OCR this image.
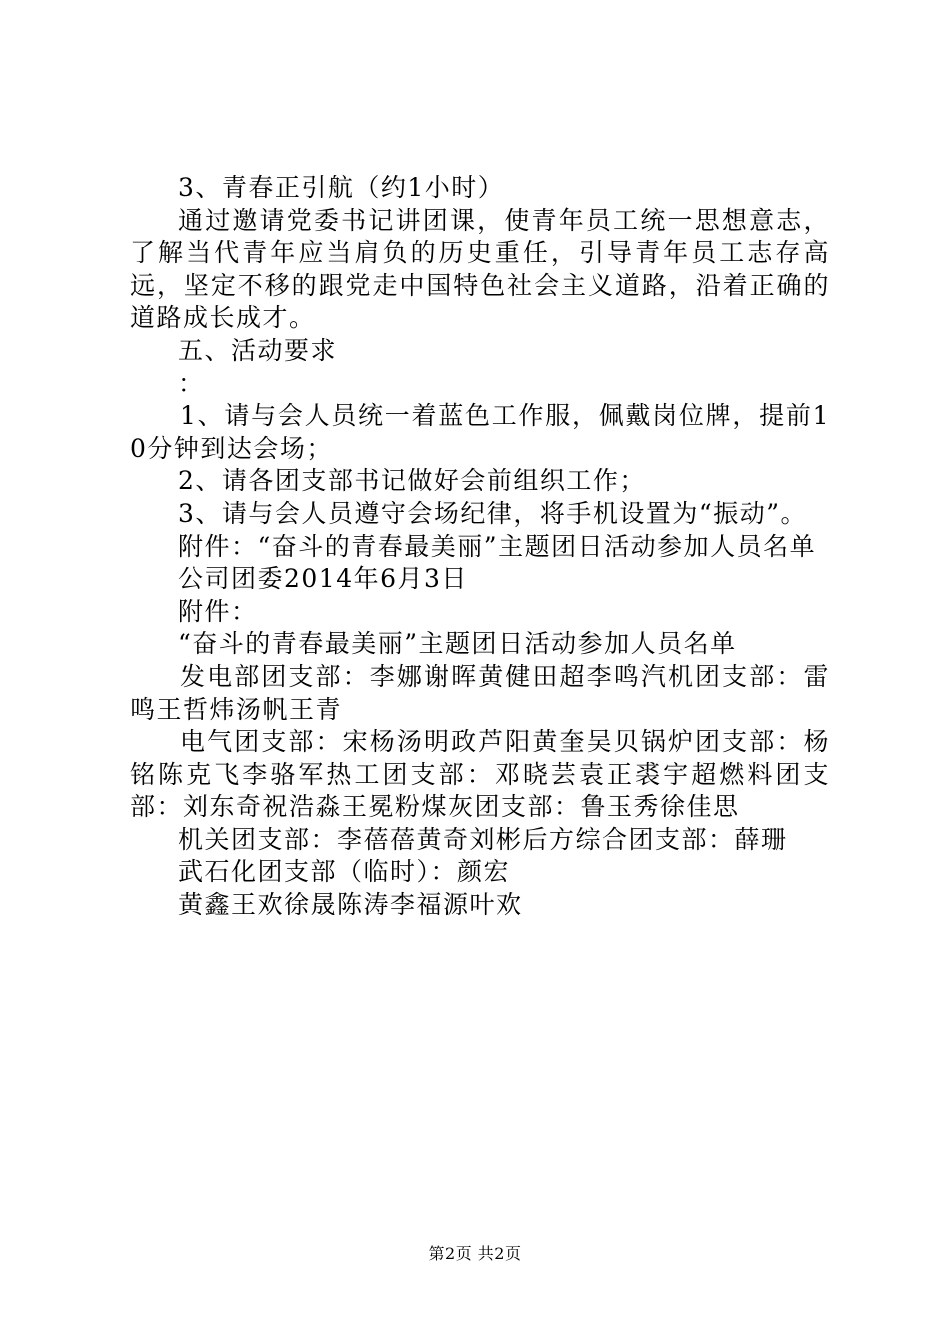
3、青春正引航（约1小时）

通过邀请党委书记讲团课，使青年员工统一思想意志，了解当代青年应当肩负的历史重任，引导青年员工志存高远，坚定不移的跟党走中国特色社会主义道路，沿着正确的道路成长成才。

五、活动要求

：

1、请与会人员统一着蓝色工作服，佩戴岗位牌，提前10分钟到达会场；

2、请各团支部书记做好会前组织工作；

3、请与会人员遵守会场纪律，将手机设置为“振动”。

附件：“奋斗的青春最美丽”主题团日活动参加人员名单

公司团委2014年6月3日

附件：

“奋斗的青春最美丽”主题团日活动参加人员名单

发电部团支部：李娜谢晖黄健田超李鸣汽机团支部：雷鸣王哲炜汤帆王青

电气团支部：宋杨汤明政芦阳黄奎吴贝锅炉团支部：杨铭陈克飞李骆军热工团支部：邓晓芸袁正裘宇超燃料团支部：刘东奇祝浩淼王冕粉煤灰团支部：鲁玉秀徐佳思

机关团支部：李蓓蓓黄奇刘彬后方综合团支部：薛珊

武石化团支部（临时）：颜宏

黄鑫王欢徐晟陈涛李福源叶欢

第2页 共2页
